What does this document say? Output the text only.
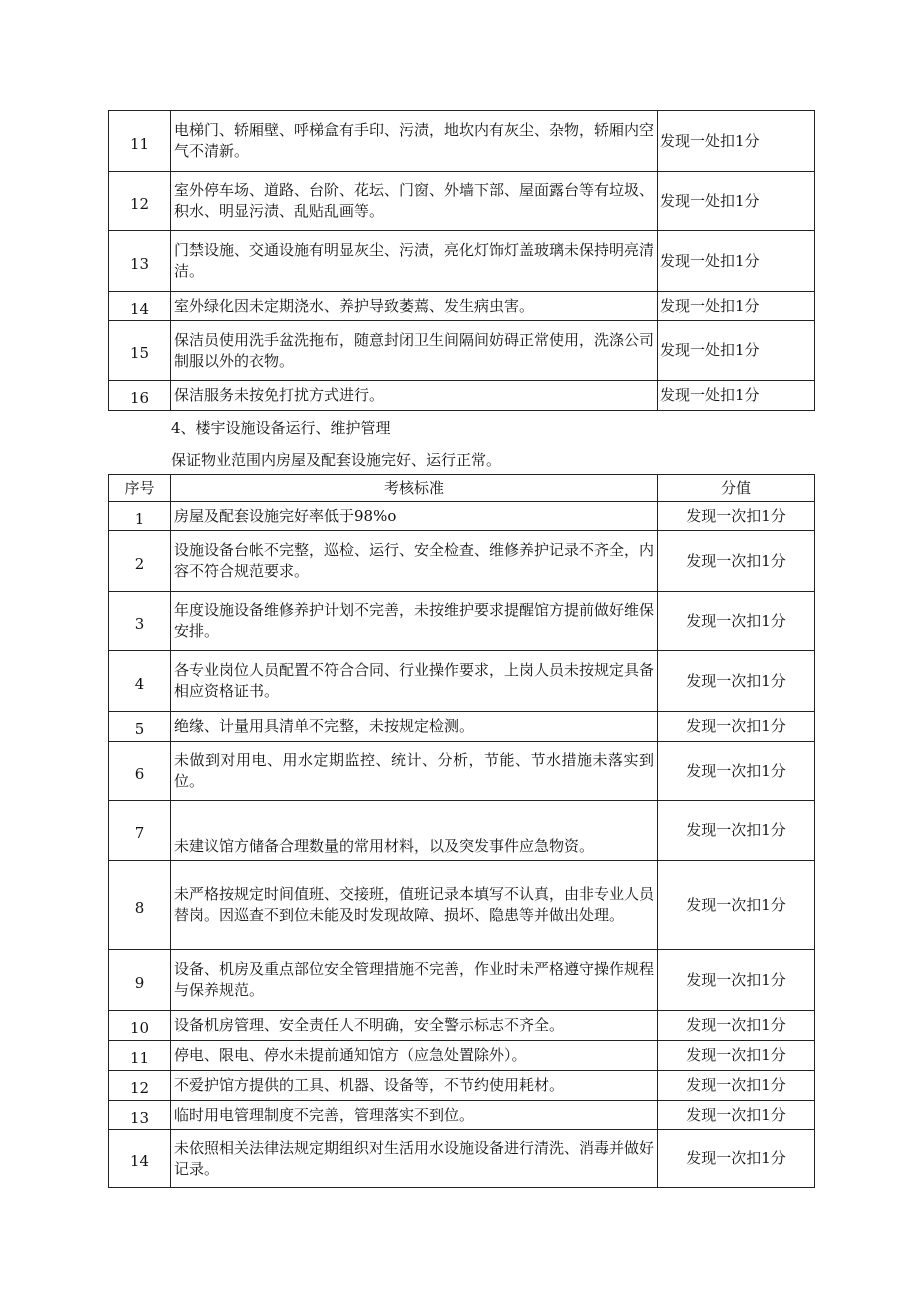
11	电梯门、轿厢壁、呼梯盒有手印、污渍，地坎内有灰尘、杂物，轿厢内空气不清新。	发现一处扣1分
12	室外停车场、道路、台阶、花坛、门窗、外墙下部、屋面露台等有垃圾、积水、明显污渍、乱贴乱画等。	发现一处扣1分
13	门禁设施、交通设施有明显灰尘、污渍，亮化灯饰灯盖玻璃未保持明亮清洁。	发现一处扣1分
14	室外绿化因未定期浇水、养护导致萎蔫、发生病虫害。	发现一处扣1分
15	保洁员使用洗手盆洗拖布，随意封闭卫生间隔间妨碍正常使用，洗涤公司制服以外的衣物。	发现一处扣1分
16	保洁服务未按免打扰方式进行。	发现一处扣1分
4、楼宇设施设备运行、维护管理
保证物业范围内房屋及配套设施完好、运行正常。
序号	考核标准	分值
1	房屋及配套设施完好率低于98%o	发现一次扣1分
2	设施设备台帐不完整，巡检、运行、安全检查、维修养护记录不齐全，内容不符合规范要求。	发现一次扣1分
3	年度设施设备维修养护计划不完善，未按维护要求提醒馆方提前做好维保安排。	发现一次扣1分
4	各专业岗位人员配置不符合合同、行业操作要求，上岗人员未按规定具备相应资格证书。	发现一次扣1分
5	绝缘、计量用具清单不完整，未按规定检测。	发现一次扣1分
6	未做到对用电、用水定期监控、统计、分析，节能、节水措施未落实到位。	发现一次扣1分
7	未建议馆方储备合理数量的常用材料，以及突发事件应急物资。	发现一次扣1分
8	未严格按规定时间值班、交接班，值班记录本填写不认真，由非专业人员替岗。因巡查不到位未能及时发现故障、损坏、隐患等并做出处理。	发现一次扣1分
9	设备、机房及重点部位安全管理措施不完善，作业时未严格遵守操作规程与保养规范。	发现一次扣1分
10	设备机房管理、安全责任人不明确，安全警示标志不齐全。	发现一次扣1分
11	停电、限电、停水未提前通知馆方（应急处置除外）。	发现一次扣1分
12	不爱护馆方提供的工具、机器、设备等，不节约使用耗材。	发现一次扣1分
13	临时用电管理制度不完善，管理落实不到位。	发现一次扣1分
14	未依照相关法律法规定期组织对生活用水设施设备进行清洗、消毒并做好记录。	发现一次扣1分
